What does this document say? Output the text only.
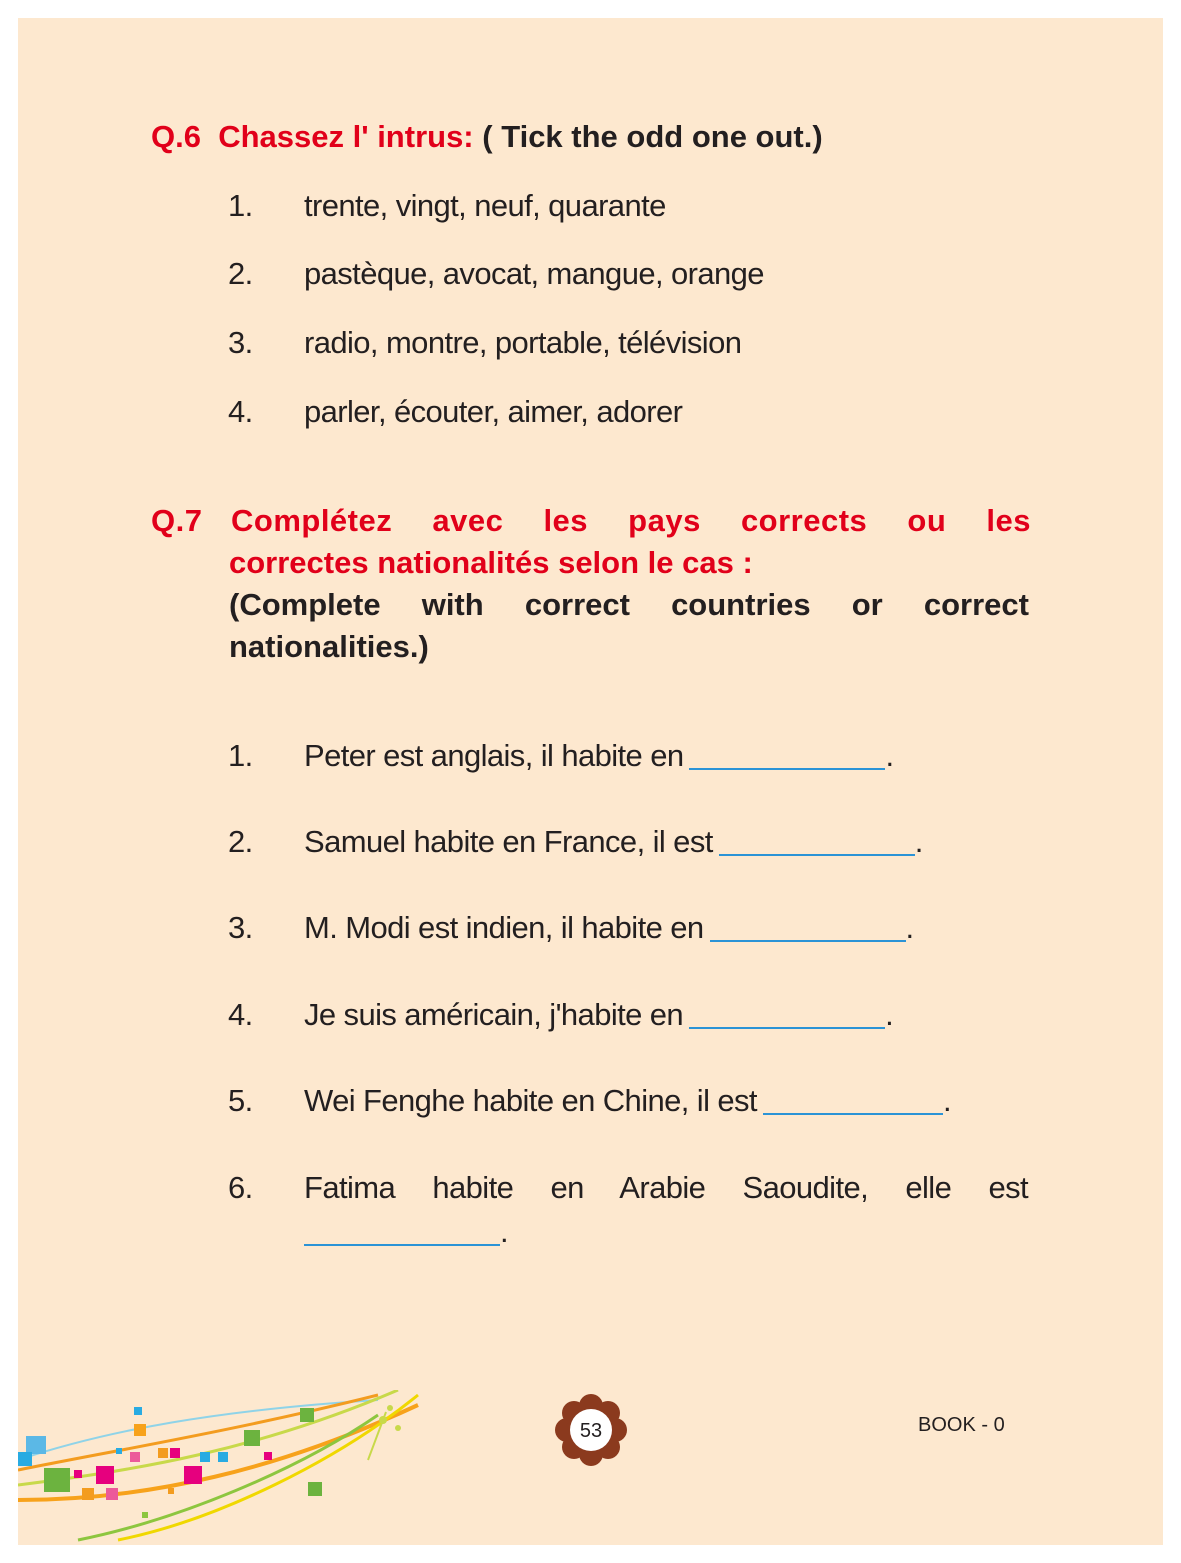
Q.6 Chassez l' intrus: ( Tick the odd one out.)
1. trente, vingt, neuf, quarante
2. pastèque, avocat, mangue, orange
3. radio, montre, portable, télévision
4. parler, écouter, aimer, adorer
Q.7 Complétez avec les pays corrects ou les
correctes nationalités selon le cas :
(Complete with correct countries or correct
nationalities.)
1. Peter est anglais, il habite en	.
2. Samuel habite en France, il est	.
3. M. Modi est indien, il habite en	.
4. Je suis américain, j'habite en	.
5. Wei Fenghe habite en Chine, il est	.
6. Fatima habite en Arabie Saoudite, elle est
.
53	BOOK - 0
